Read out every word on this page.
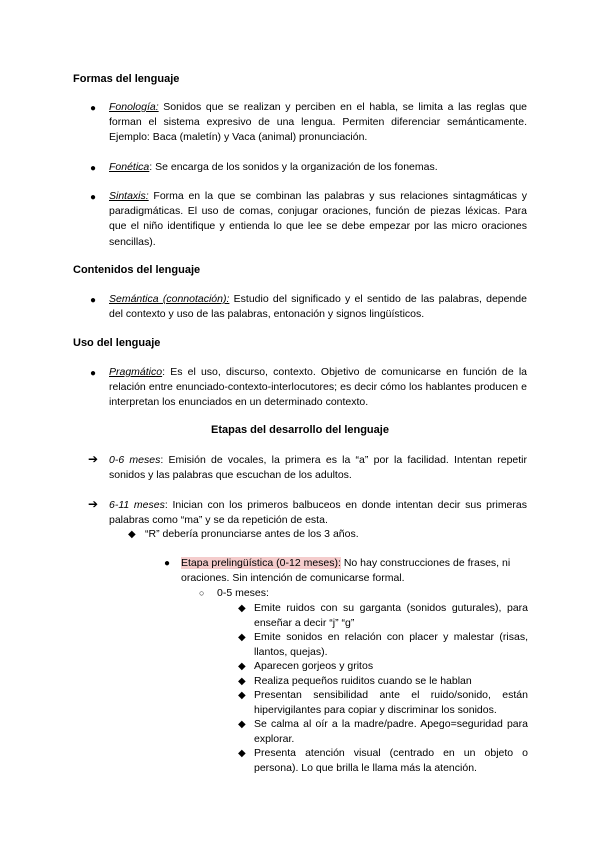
Formas del lenguaje

● Fonología: Sonidos que se realizan y perciben en el habla, se limita a las reglas que forman el sistema expresivo de una lengua. Permiten diferenciar semánticamente. Ejemplo: Baca (maletín) y Vaca (animal) pronunciación.

● Fonética: Se encarga de los sonidos y la organización de los fonemas.

● Sintaxis: Forma en la que se combinan las palabras y sus relaciones sintagmáticas y paradigmáticas. El uso de comas, conjugar oraciones, función de piezas léxicas. Para que el niño identifique y entienda lo que lee se debe empezar por las micro oraciones sencillas).

Contenidos del lenguaje

● Semántica (connotación): Estudio del significado y el sentido de las palabras, depende del contexto y uso de las palabras, entonación y signos lingüísticos.

Uso del lenguaje

● Pragmático: Es el uso, discurso, contexto. Objetivo de comunicarse en función de la relación entre enunciado-contexto-interlocutores; es decir cómo los hablantes producen e interpretan los enunciados en un determinado contexto.

Etapas del desarrollo del lenguaje

➔ 0-6 meses: Emisión de vocales, la primera es la “a” por la facilidad. Intentan repetir sonidos y las palabras que escuchan de los adultos.

➔ 6-11 meses: Inician con los primeros balbuceos en donde intentan decir sus primeras palabras como “ma” y se da repetición de esta.

◆ “R” debería pronunciarse antes de los 3 años.

● Etapa prelingüística (0-12 meses): No hay construcciones de frases, ni oraciones. Sin intención de comunicarse formal.

○ 0-5 meses:

◆ Emite ruidos con su garganta (sonidos guturales), para enseñar a decir “j” “g”

◆ Emite sonidos en relación con placer y malestar (risas, llantos, quejas).

◆ Aparecen gorjeos y gritos

◆ Realiza pequeños ruiditos cuando se le hablan

◆ Presentan sensibilidad ante el ruido/sonido, están hipervigilantes para copiar y discriminar los sonidos.

◆ Se calma al oír a la madre/padre. Apego=seguridad para explorar.

◆ Presenta atención visual (centrado en un objeto o persona). Lo que brilla le llama más la atención.
